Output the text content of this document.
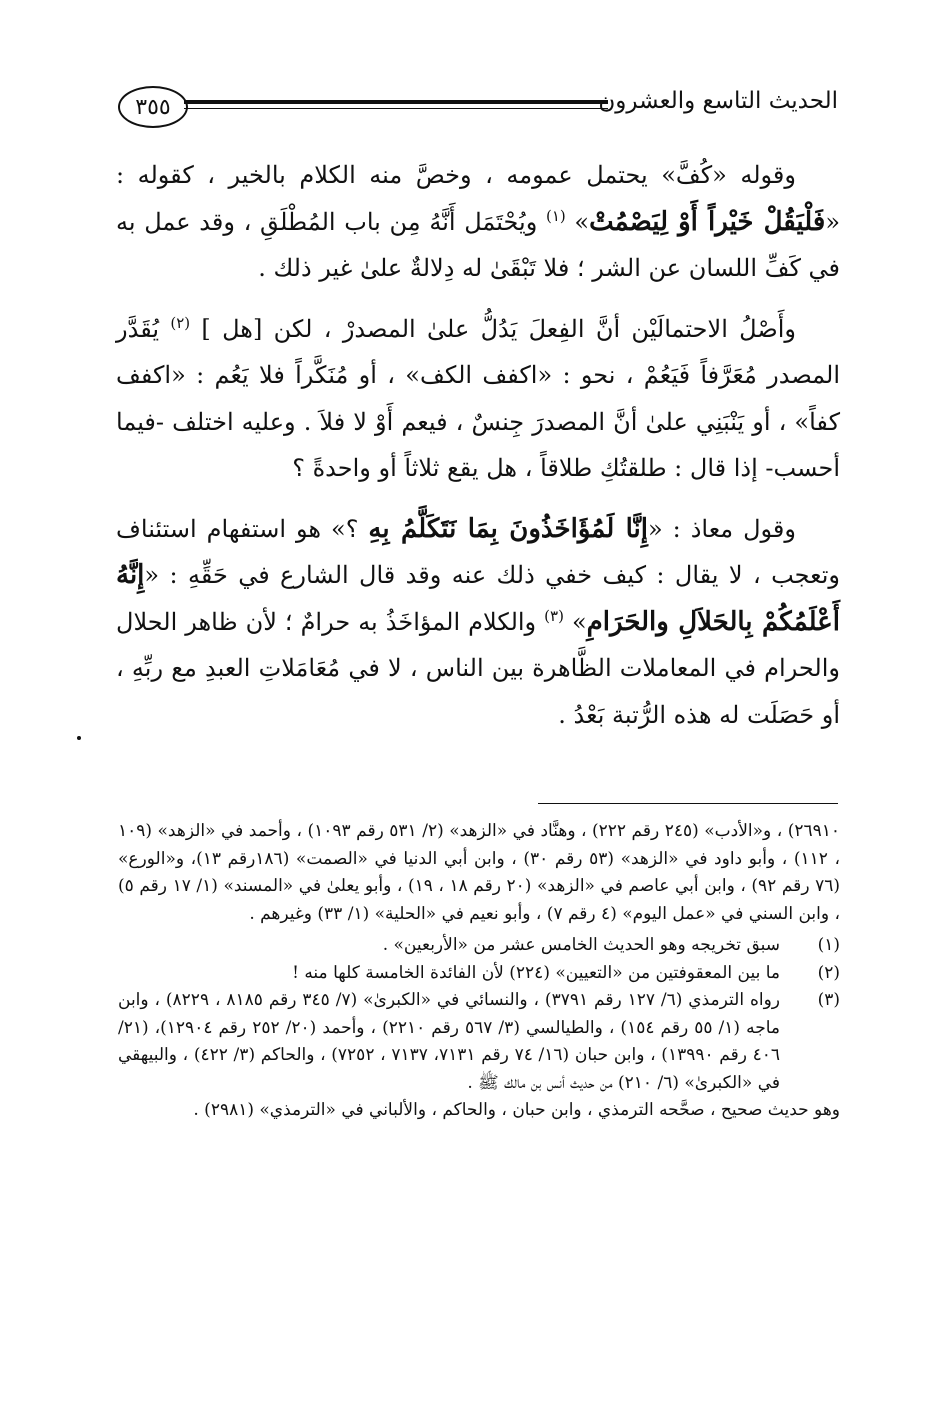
٣٥٥	الحديث التاسع والعشرون

وقوله «كُفَّ» يحتمل عمومه ، وخصَّ منه الكلام بالخير ، كقوله : «فَلْيَقُلْ خَيْراً أَوْ لِيَصْمُتْ» $^{(١)}$ ويُحْتَمَل أَنَّهُ مِن باب المُطْلَقِ ، وقد عمل به في كَفِّ اللسان عن الشر ؛ فلا تَبْقَىٰ له دِلالةٌ علىٰ غير ذلك .

وأَصْلُ الاحتمالَيْن أنَّ الفِعلَ يَدُلُّ علىٰ المصدرْ ، لكن [هل ] $^{(٢)}$ يُقَدَّر المصدر مُعَرَّفاً فَيَعُمْ ، نحو : «اكفف الكف» ، أو مُنَكَّراً فلا يَعُم : «اكفف كفاً» ، أو يَنْبَنِي علىٰ أنَّ المصدرَ جِنسٌ ، فيعم أَوْ لا فلاَ . وعليه اختلف -فيما أحسب- إذا قال : طلقتُكِ طلاقاً ، هل يقع ثلاثاً أو واحدةً ؟

وقول معاذ : «إِنَّا لَمُؤَاخَذُونَ بِمَا نَتَكَلَّمُ بِهِ ؟» هو استفهام استئناف وتعجب ، لا يقال : كيف خفي ذلك عنه وقد قال الشارع في حَقِّهِ : «إِنَّهُ أَعْلَمُكُمْ بِالحَلاَلِ والحَرَامِ» $^{(٣)}$ والكلام المؤاخَذُ به حرامٌ ؛ لأن ظاهر الحلال والحرام في المعاملات الظَّاهرة بين الناس ، لا في مُعَامَلاتِ العبدِ مع ربِّهِ ، أو حَصَلَت له هذه الرُّتبة بَعْدُ .

٢٦٩١٠) ، و«الأدب» (٢٤٥ رقم ٢٢٢) ، وهنَّاد في «الزهد» (٢/ ٥٣١ رقم ١٠٩٣) ، وأحمد في «الزهد» (١٠٩ ، ١١٢) ، وأبو داود في «الزهد» (٥٣ رقم ٣٠) ، وابن أبي الدنيا في «الصمت» (١٨٦رقم ١٣)، و«الورع» (٧٦ رقم ٩٢) ، وابن أبي عاصم في «الزهد» (٢٠ رقم ١٨ ، ١٩) ، وأبو يعلىٰ في «المسند» (١/ ١٧ رقم ٥) ، وابن السني في «عمل اليوم» (٤ رقم ٧) ، وأبو نعيم في «الحلية» (١/ ٣٣) وغيرهم .

(١)
سبق تخريجه وهو الحديث الخامس عشر من «الأربعين» .
(٢)
ما بين المعقوفتين من «التعيين» (٢٢٤) لأن الفائدة الخامسة كلها منه !
(٣)
رواه الترمذي (٦/ ١٢٧ رقم ٣٧٩١) ، والنسائي في «الكبرىٰ» (٧/ ٣٤٥ رقم ٨١٨٥ ، ٨٢٢٩) ، وابن ماجه (١/ ٥٥ رقم ١٥٤) ، والطيالسي (٣/ ٥٦٧ رقم ٢٢١٠) ، وأحمد (٢٠/ ٢٥٢ رقم ١٢٩٠٤)، (٢١/ ٤٠٦ رقم ١٣٩٩٠) ، وابن حبان (١٦/ ٧٤ رقم ٧١٣١، ٧١٣٧ ، ٧٢٥٢) ، والحاكم (٣/ ٤٢٢) ، والبيهقي في «الكبرىٰ» (٦/ ٢١٠) من حديث أنس بن مالك ﷺ .

وهو حديث صحيح ، صحَّحه الترمذي ، وابن حبان ، والحاكم ، والألباني في «الترمذي» (٢٩٨١) .
